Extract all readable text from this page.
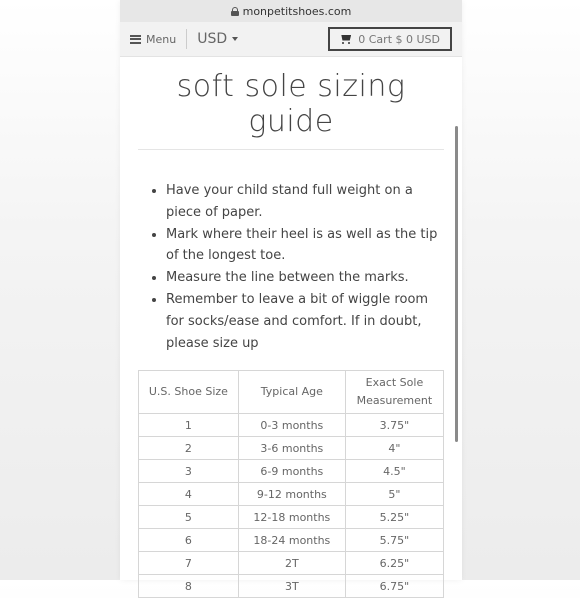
monpetitshoes.com
Menu USD	0 Cart $ 0 USD
soft sole sizing guide
• Have your child stand full weight on a piece of paper.
• Mark where their heel is as well as the tip of the longest toe.
• Measure the line between the marks.
• Remember to leave a bit of wiggle room for socks/ease and comfort. If in doubt, please size up
U.S. Shoe Size	Typical Age	Exact Sole Measurement
1	0-3 months	3.75"
2	3-6 months	4"
3	6-9 months	4.5"
4	9-12 months	5"
5	12-18 months	5.25"
6	18-24 months	5.75"
7	2T	6.25"
8	3T	6.75"
